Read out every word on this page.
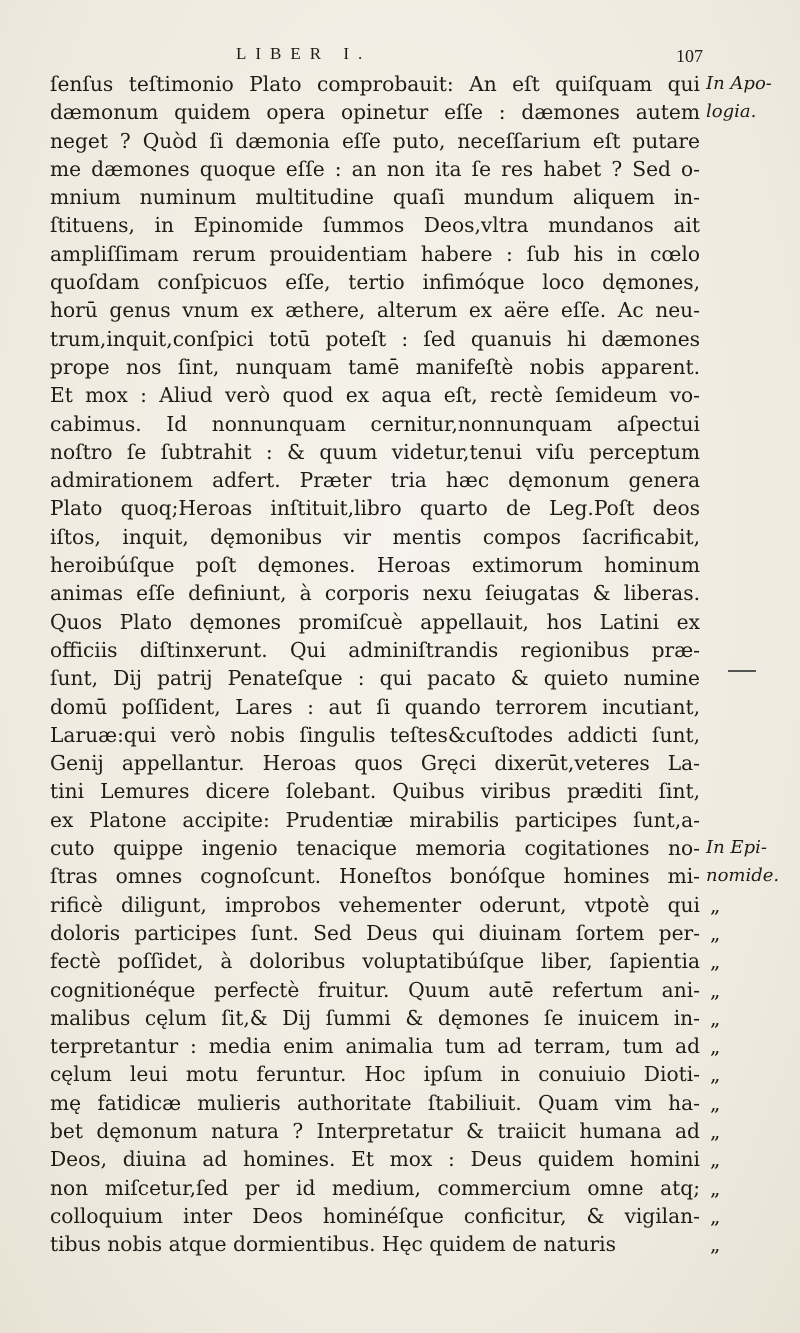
LIBER I.	107
ſenſus teſtimonio Plato comprobauit: An eſt quiſquam qui
dæmonum quidem opera opinetur eſſe : dæmones autem
neget ? Quòd ſi dæmonia eſſe puto, neceſſarium eſt putare
me dæmones quoque eſſe : an non ita ſe res habet ? Sed o-
mnium numinum multitudine quaſi mundum aliquem in-
ſtituens, in Epinomide ſummos Deos,vltra mundanos ait
ampliſſimam rerum prouidentiam habere : ſub his in cœlo
quoſdam conſpicuos eſſe, tertio infimóque loco dęmones,
horū genus vnum ex æthere, alterum ex aëre eſſe. Ac neu-
trum,inquit,conſpici totū poteſt : ſed quanuis hi dæmones
prope nos ſint, nunquam tamē manifeſtè nobis apparent.
Et mox : Aliud verò quod ex aqua eſt, rectè ſemideum vo-
cabimus. Id nonnunquam cernitur,nonnunquam aſpectui
noſtro ſe ſubtrahit : & quum videtur,tenui viſu perceptum
admirationem adfert. Præter tria hæc dęmonum genera
Plato quoq;Heroas inſtituit,libro quarto de Leg.Poſt deos
iſtos, inquit, dęmonibus vir mentis compos ſacrificabit,
heroibúſque poſt dęmones. Heroas extimorum hominum
animas eſſe definiunt, à corporis nexu ſeiugatas & liberas.
Quos Plato dęmones promiſcuè appellauit, hos Latini ex
officiis diſtinxerunt. Qui adminiſtrandis regionibus præ-
ſunt, Dij patrij Penateſque : qui pacato & quieto numine
domū poſſident, Lares : aut ſi quando terrorem incutiant,
Laruæ:qui verò nobis ſingulis teſtes&cuſtodes addicti ſunt,
Genij appellantur. Heroas quos Gręci dixerūt,veteres La-
tini Lemures dicere ſolebant. Quibus viribus præditi ſint,
ex Platone accipite: Prudentiæ mirabilis participes ſunt,a-
cuto quippe ingenio tenacique memoria cogitationes no-
ſtras omnes cognoſcunt. Honeſtos bonóſque homines mi-
rificè diligunt, improbos vehementer oderunt, vtpotè qui
doloris participes ſunt. Sed Deus qui diuinam ſortem per-
fectè poſſidet, à doloribus voluptatibúſque liber, ſapientia
cognitionéque perfectè fruitur. Quum autē refertum ani-
malibus cęlum ſit,& Dij ſummi & dęmones ſe inuicem in-
terpretantur : media enim animalia tum ad terram, tum ad
cęlum leui motu feruntur. Hoc ipſum in conuiuio Dioti-
mę fatidicæ mulieris authoritate ſtabiliuit. Quam vim ha-
bet dęmonum natura ? Interpretatur & traiicit humana ad
Deos, diuina ad homines. Et mox : Deus quidem homini
non miſcetur,ſed per id medium, commercium omne atq;
colloquium inter Deos hominéſque conficitur, & vigilan-
tibus nobis atque dormientibus. Hęc quidem de naturis
In Apo-
logia.
In Epi-
nomide.
„
„
„
„
„
„
„
„
„
„
„
„
„
